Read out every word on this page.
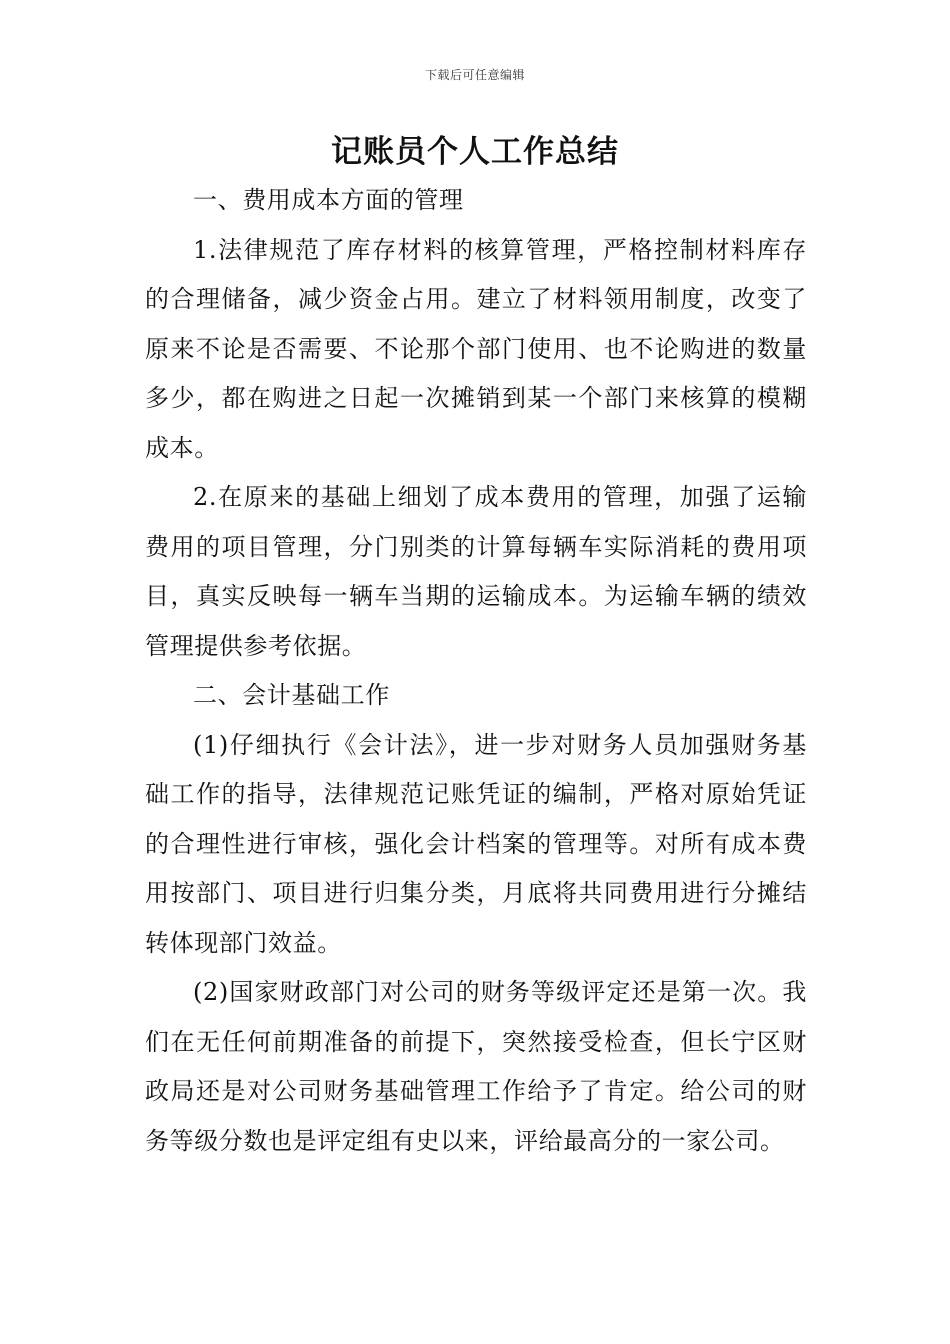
下载后可任意编辑
记账员个人工作总结

一、费用成本方面的管理

1.法律规范了库存材料的核算管理，严格控制材料库存的合理储备，减少资金占用。建立了材料领用制度，改变了原来不论是否需要、不论那个部门使用、也不论购进的数量多少，都在购进之日起一次摊销到某一个部门来核算的模糊成本。

2.在原来的基础上细划了成本费用的管理，加强了运输费用的项目管理，分门别类的计算每辆车实际消耗的费用项目，真实反映每一辆车当期的运输成本。为运输车辆的绩效管理提供参考依据。

二、会计基础工作

(1)仔细执行《会计法》，进一步对财务人员加强财务基础工作的指导，法律规范记账凭证的编制，严格对原始凭证的合理性进行审核，强化会计档案的管理等。对所有成本费用按部门、项目进行归集分类，月底将共同费用进行分摊结转体现部门效益。

(2)国家财政部门对公司的财务等级评定还是第一次。我们在无任何前期准备的前提下，突然接受检查，但长宁区财政局还是对公司财务基础管理工作给予了肯定。给公司的财务等级分数也是评定组有史以来，评给最高分的一家公司。
